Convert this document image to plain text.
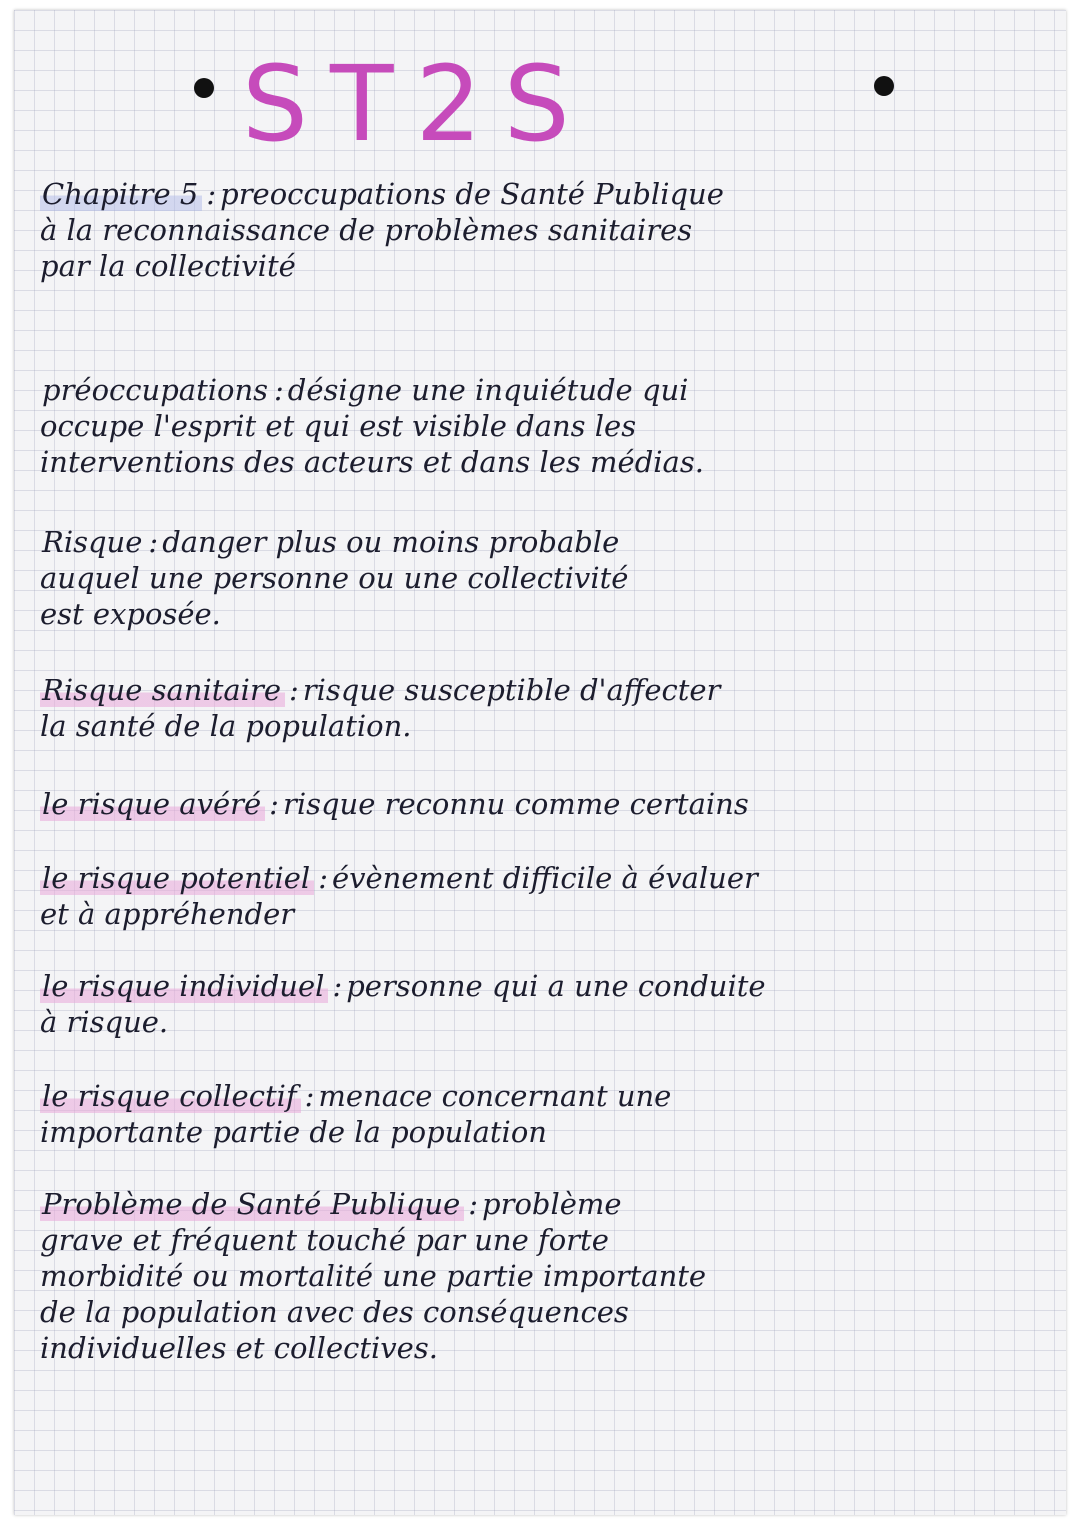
ST2S
Chapitre 5 : preoccupations de Santé Publique
à la reconnaissance de problèmes sanitaires
par la collectivité
préoccupations : désigne une inquiétude qui
occupe l'esprit et qui est visible dans les
interventions des acteurs et dans les médias.
Risque : danger plus ou moins probable
auquel une personne ou une collectivité
est exposée.
Risque sanitaire : risque susceptible d'affecter
la santé de la population.
le risque avéré : risque reconnu comme certains
le risque potentiel : évènement difficile à évaluer
et à appréhender
le risque individuel : personne qui a une conduite
à risque.
le risque collectif : menace concernant une
importante partie de la population
Problème de Santé Publique : problème
grave et fréquent touché par une forte
morbidité ou mortalité une partie importante
de la population avec des conséquences
individuelles et collectives.
